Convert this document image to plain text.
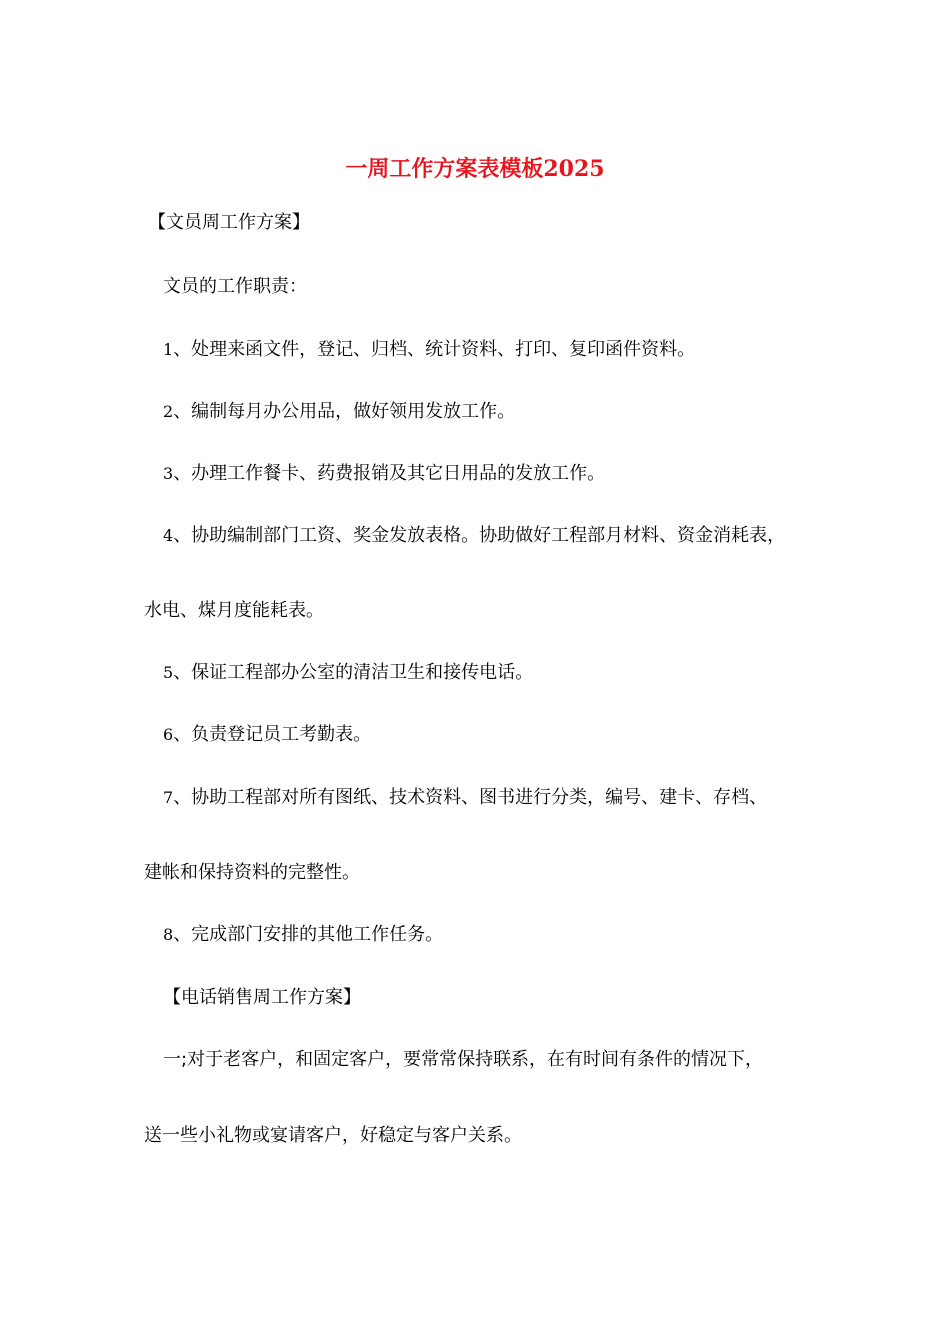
一周工作方案表模板2025

【文员周工作方案】

文员的工作职责：

1、处理来函文件，登记、归档、统计资料、打印、复印函件资料。

2、编制每月办公用品，做好领用发放工作。

3、办理工作餐卡、药费报销及其它日用品的发放工作。

4、协助编制部门工资、奖金发放表格。协助做好工程部月材料、资金消耗表，

水电、煤月度能耗表。

5、保证工程部办公室的清洁卫生和接传电话。

6、负责登记员工考勤表。

7、协助工程部对所有图纸、技术资料、图书进行分类，编号、建卡、存档、

建帐和保持资料的完整性。

8、完成部门安排的其他工作任务。

【电话销售周工作方案】

一;对于老客户，和固定客户，要常常保持联系，在有时间有条件的情况下，

送一些小礼物或宴请客户，好稳定与客户关系。
